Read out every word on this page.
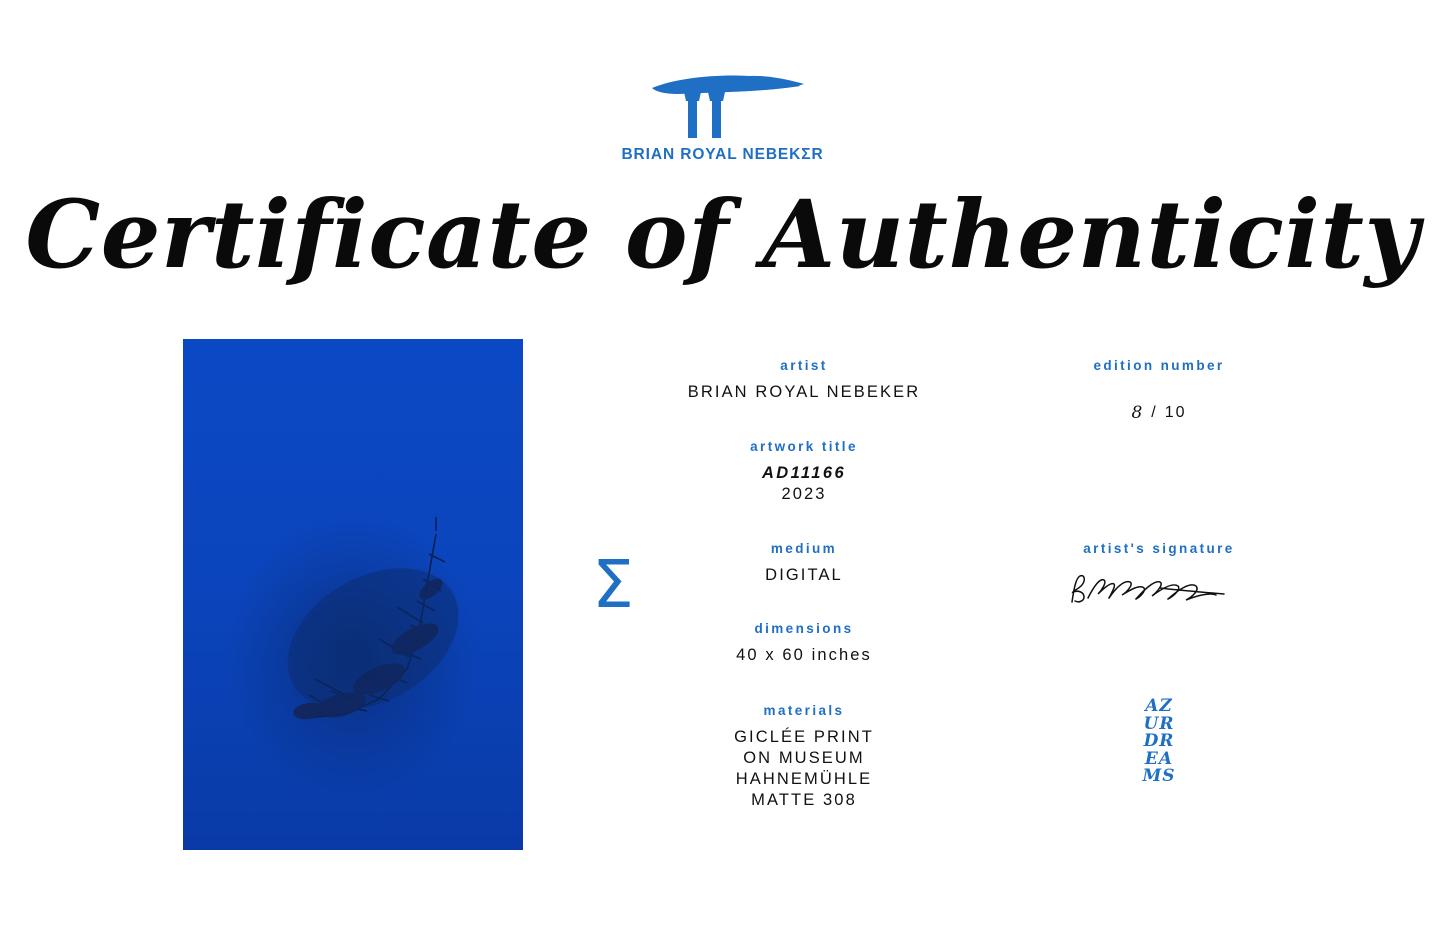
BRIAN ROYAL NEBEKΣR
Certificate of Authenticity
Σ

artist

BRIAN ROYAL NEBEKER

artwork title

AD11166

2023

medium

DIGITAL

dimensions

40 x 60 inches

materials

GICLÉE PRINT

ON MUSEUM

HAHNEMÜHLE

MATTE 308

edition number

8 / 10

artist's signature

AZ
UR
DR
EA
MS
